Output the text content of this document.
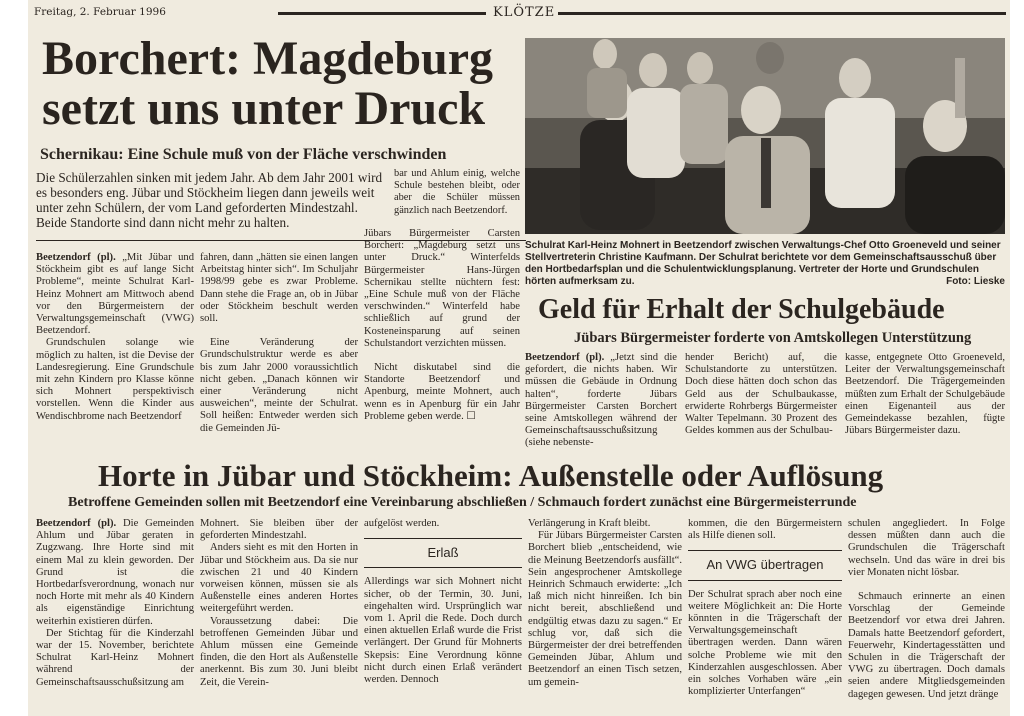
Freitag, 2. Februar 1996	KLÖTZE
Borchert: Magdeburg
setzt uns unter Druck
Schernikau: Eine Schule muß von der Fläche verschwinden
Die Schülerzahlen sinken mit jedem Jahr. Ab dem Jahr 2001 wird es besonders eng. Jübar und Stöckheim liegen dann jeweils weit unter zehn Schülern, der vom Land geforderten Mindestzahl. Beide Standorte sind dann nicht mehr zu halten.
bar und Ahlum einig, welche Schule bestehen bleibt, oder aber die Schüler müssen gänzlich nach Beetzendorf.

Beetzendorf (pl). „Mit Jübar und Stöckheim gibt es auf lange Sicht Probleme“, meinte Schulrat Karl-Heinz Mohnert am Mittwoch abend vor den Bürgermeistern der Verwaltungsgemeinschaft (VWG) Beetzendorf.

Grundschulen solange wie möglich zu halten, ist die Devise der Landesregierung. Eine Grundschule mit zehn Kindern pro Klasse könne sich Mohnert perspektivisch vorstellen. Wenn die Kinder aus Wendischbrome nach Beetzendorf

fahren, dann „hätten sie einen langen Arbeitstag hinter sich“. Im Schuljahr 1998/99 gebe es zwar Probleme. Dann stehe die Frage an, ob in Jübar oder Stöckheim beschult werden soll.

Eine Veränderung der Grundschulstruktur werde es aber bis zum Jahr 2000 voraussichtlich nicht geben. „Danach können wir einer Veränderung nicht ausweichen“, meinte der Schulrat. Soll heißen: Entweder werden sich die Gemeinden Jü-

Jübars Bürgermeister Carsten Borchert: „Magdeburg setzt uns unter Druck.“ Winterfelds Bürgermeister Hans-Jürgen Schernikau stellte nüchtern fest: „Eine Schule muß von der Fläche verschwinden.“ Winterfeld habe schließlich auf grund der Kosteneinsparung auf seinen Schulstandort verzichten müssen.

Nicht diskutabel sind die Standorte Beetzendorf und Apenburg, meinte Mohnert, auch wenn es in Apenburg für ein Jahr Probleme geben werde. ☐

Schulrat Karl-Heinz Mohnert in Beetzendorf zwischen Verwaltungs-Chef Otto Groeneveld und seiner Stellvertreterin Christine Kaufmann. Der Schulrat berichtete vor dem Gemeinschaftsausschuß über den Hortbedarfsplan und die Schulentwicklungsplanung. Vertreter der Horte und Grundschulen hörten aufmerksam zu.	Foto: Lieske
Geld für Erhalt der Schulgebäude
Jübars Bürgermeister forderte von Amtskollegen Unterstützung

Beetzendorf (pl). „Jetzt sind die gefordert, die nichts haben. Wir müssen die Gebäude in Ordnung halten“, forderte Jübars Bürgermeister Carsten Borchert seine Amtskollegen während der Gemeinschaftsausschußsitzung (siehe nebenste-

hender Bericht) auf, die Schulstandorte zu unterstützen. Doch diese hätten doch schon das Geld aus der Schulbaukasse, erwiderte Rohrbergs Bürgermeister Walter Tepelmann. 30 Prozent des Geldes kommen aus der Schulbau-
kasse, entgegnete Otto Groeneveld, Leiter der Verwaltungsgemeinschaft Beetzendorf. Die Trägergemeinden müßten zum Erhalt der Schulgebäude einen Eigenanteil aus der Gemeindekasse bezahlen, fügte Jübars Bürgermeister dazu.
Horte in Jübar und Stöckheim: Außenstelle oder Auflösung
Betroffene Gemeinden sollen mit Beetzendorf eine Vereinbarung abschließen / Schmauch fordert zunächst eine Bürgermeisterrunde

Beetzendorf (pl). Die Gemeinden Ahlum und Jübar geraten in Zugzwang. Ihre Horte sind mit einem Mal zu klein geworden. Der Grund ist die Hortbedarfsverordnung, wonach nur noch Horte mit mehr als 40 Kindern als eigenständige Einrichtung weiterhin existieren dürfen.

Der Stichtag für die Kinderzahl war der 15. November, berichtete Schulrat Karl-Heinz Mohnert während der Gemeinschaftsausschußsitzung am

Mohnert. Sie bleiben über der geforderten Mindestzahl.

Anders sieht es mit den Horten in Jübar und Stöckheim aus. Da sie nur zwischen 21 und 40 Kindern vorweisen können, müssen sie als Außenstelle eines anderen Hortes weitergeführt werden.

Voraussetzung dabei: Die betroffenen Gemeinden Jübar und Ahlum müssen eine Gemeinde finden, die den Hort als Außenstelle anerkennt. Bis zum 30. Juni bleibt Zeit, die Verein-

aufgelöst werden.

Erlaß

Allerdings war sich Mohnert nicht sicher, ob der Termin, 30. Juni, eingehalten wird. Ursprünglich war vom 1. April die Rede. Doch durch einen aktuellen Erlaß wurde die Frist verlängert. Der Grund für Mohnerts Skepsis: Eine Verordnung könne nicht durch einen Erlaß verändert werden. Dennoch

Verlängerung in Kraft bleibt.

Für Jübars Bürgermeister Carsten Borchert blieb „entscheidend, wie die Meinung Beetzendorfs ausfällt“. Sein angesprochener Amtskollege Heinrich Schmauch erwiderte: „Ich laß mich nicht hinreißen. Ich bin nicht bereit, abschließend und endgültig etwas dazu zu sagen.“ Er schlug vor, daß sich die Bürgermeister der drei betreffenden Gemeinden Jübar, Ahlum und Beetzendorf an einen Tisch setzen, um gemein-

kommen, die den Bürgermeistern als Hilfe dienen soll.

An VWG übertragen

Der Schulrat sprach aber noch eine weitere Möglichkeit an: Die Horte könnten in die Trägerschaft der Verwaltungsgemeinschaft übertragen werden. Dann wären solche Probleme wie mit den Kinderzahlen ausgeschlossen. Aber ein solches Vorhaben wäre „ein komplizierter Unterfangen“

schulen angegliedert. In Folge dessen müßten dann auch die Grundschulen die Trägerschaft wechseln. Und das wäre in drei bis vier Monaten nicht lösbar.

Schmauch erinnerte an einen Vorschlag der Gemeinde Beetzendorf vor etwa drei Jahren. Damals hatte Beetzendorf gefordert, Feuerwehr, Kindertagesstätten und Schulen in die Trägerschaft der VWG zu übertragen. Doch damals seien andere Mitgliedsgemeinden dagegen gewesen. Und jetzt dränge
